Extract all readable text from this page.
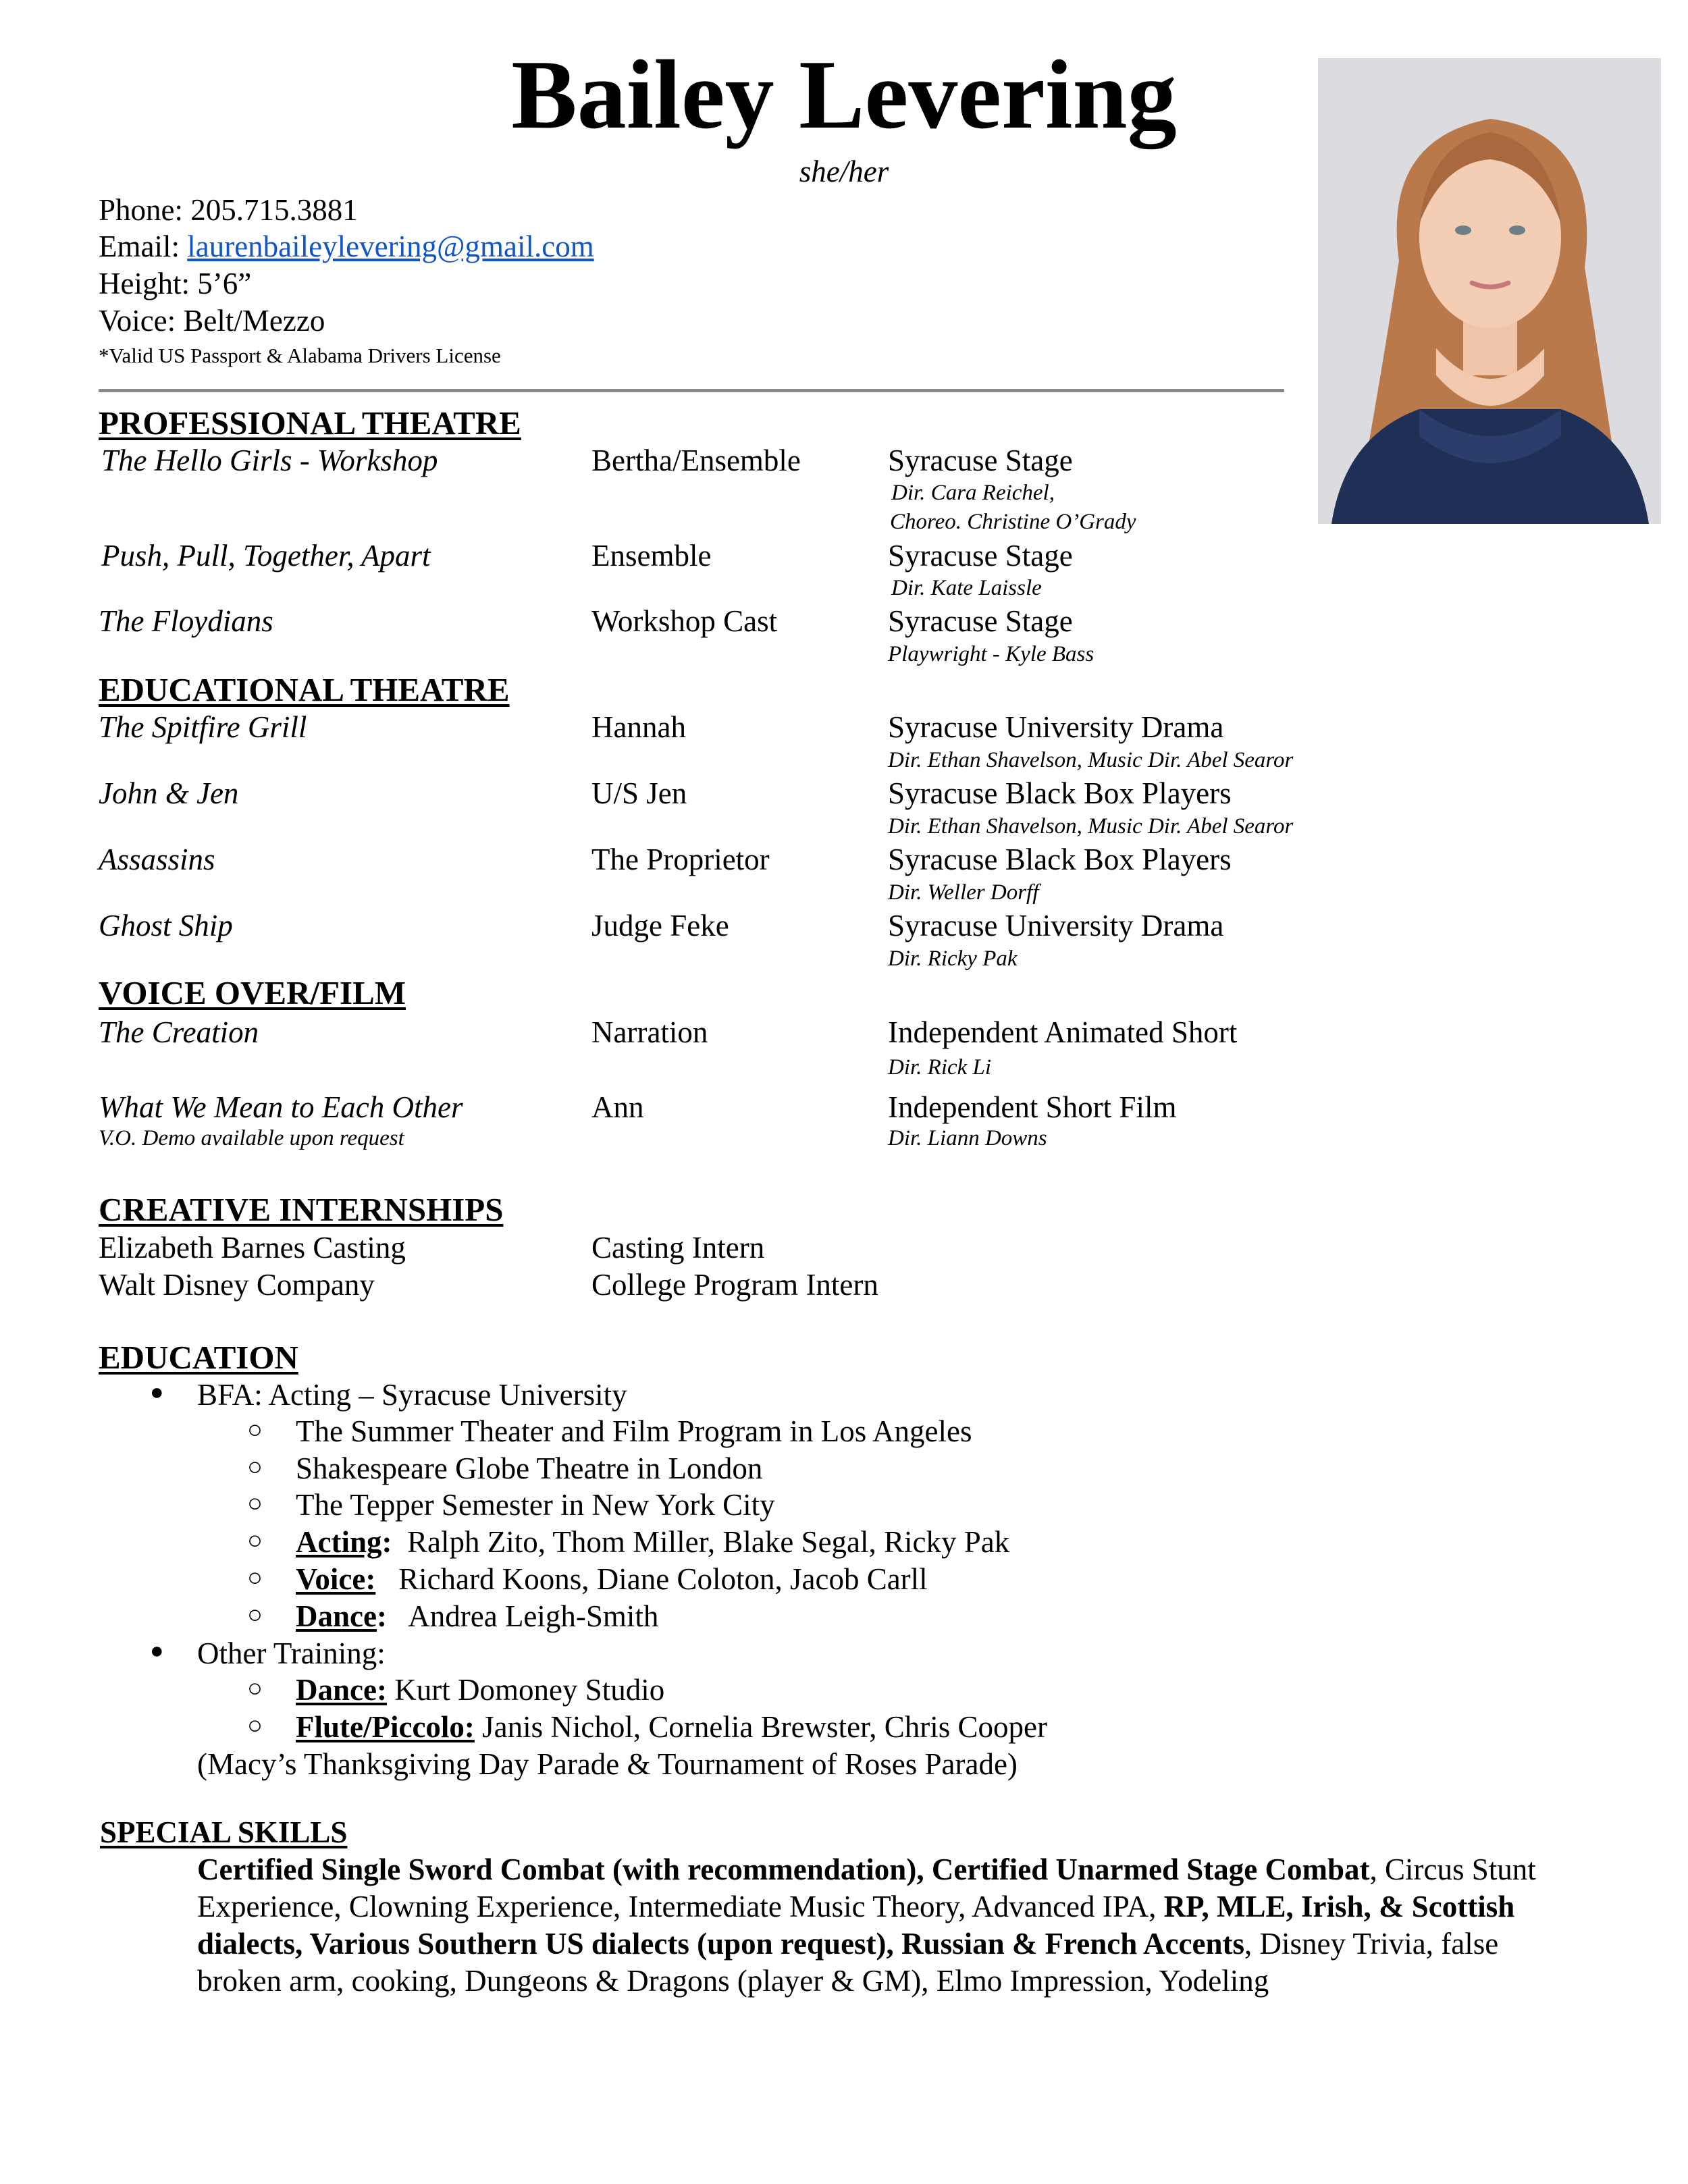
Bailey Levering
she/her
Phone: 205.715.3881
Email: laurenbaileylevering@gmail.com
Height: 5’6”
Voice: Belt/Mezzo
*Valid US Passport & Alabama Drivers License
PROFESSIONAL THEATRE
The Hello Girls - Workshop	Bertha/Ensemble	Syracuse Stage
Dir. Cara Reichel,
Choreo. Christine O’Grady
Push, Pull, Together, Apart	Ensemble	Syracuse Stage
Dir. Kate Laissle
The Floydians	Workshop Cast	Syracuse Stage
Playwright - Kyle Bass
EDUCATIONAL THEATRE
The Spitfire Grill	Hannah	Syracuse University Drama
Dir. Ethan Shavelson, Music Dir. Abel Searor
John & Jen	U/S Jen	Syracuse Black Box Players
Dir. Ethan Shavelson, Music Dir. Abel Searor
Assassins	The Proprietor	Syracuse Black Box Players
Dir. Weller Dorff
Ghost Ship	Judge Feke	Syracuse University Drama
Dir. Ricky Pak
VOICE OVER/FILM
The Creation	Narration	Independent Animated Short
Dir. Rick Li
What We Mean to Each Other	Ann	Independent Short Film
V.O. Demo available upon request	Dir. Liann Downs
CREATIVE INTERNSHIPS
Elizabeth Barnes Casting	Casting Intern
Walt Disney Company	College Program Intern
EDUCATION
● BFA: Acting – Syracuse University
○ The Summer Theater and Film Program in Los Angeles
○ Shakespeare Globe Theatre in London
○ The Tepper Semester in New York City
○ Acting: Ralph Zito, Thom Miller, Blake Segal, Ricky Pak
○ Voice: Richard Koons, Diane Coloton, Jacob Carll
○ Dance: Andrea Leigh-Smith
● Other Training:
○ Dance: Kurt Domoney Studio
○ Flute/Piccolo: Janis Nichol, Cornelia Brewster, Chris Cooper
(Macy’s Thanksgiving Day Parade & Tournament of Roses Parade)
SPECIAL SKILLS
Certified Single Sword Combat (with recommendation), Certified Unarmed Stage Combat, Circus Stunt Experience, Clowning Experience, Intermediate Music Theory, Advanced IPA, RP, MLE, Irish, & Scottish dialects, Various Southern US dialects (upon request), Russian & French Accents, Disney Trivia, false broken arm, cooking, Dungeons & Dragons (player & GM), Elmo Impression, Yodeling
